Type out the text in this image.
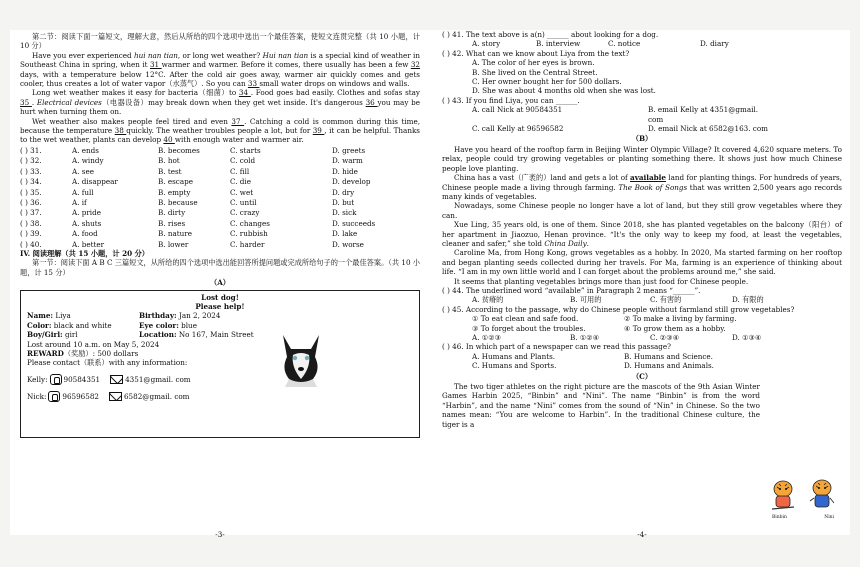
第二节：阅读下面一篇短文，理解大意，然后从所给的四个选项中选出一个最佳答案，使短文连贯完整（共 10 小题，计 10 分）

Have you ever experienced hui nan tian, or long wet weather? Hui nan tian is a special kind of weather in Southeast China in spring, when it 31 warmer and warmer. Before it comes, there usually has been a few 32 days, with a temperature below 12°C. After the cold air goes away, warmer air quickly comes and gets cooler, thus creates a lot of water vapor（水蒸气）. So you can 33 small water drops on windows and walls.

Long wet weather makes it easy for bacteria（细菌）to 34 . Food goes bad easily. Clothes and sofas stay 35 . Electrical devices（电器设备）may break down when they get wet inside. It's dangerous 36 you may be hurt when turning them on.

Wet weather also makes people feel tired and even 37 . Catching a cold is common during this time, because the temperature 38 quickly. The weather troubles people a lot, but for 39 , it can be helpful. Thanks to the wet weather, plants can develop 40 with enough water and warmer air.

( ) 31.	A. ends	B. becomes	C. starts	D. greets
( ) 32.	A. windy	B. hot	C. cold	D. warm
( ) 33.	A. see	B. test	C. fill	D. hide
( ) 34.	A. disappear	B. escape	C. die	D. develop
( ) 35.	A. full	B. empty	C. wet	D. dry
( ) 36.	A. if	B. because	C. until	D. but
( ) 37.	A. pride	B. dirty	C. crazy	D. sick
( ) 38.	A. shuts	B. rises	C. changes	D. succeeds
( ) 39.	A. food	B. nature	C. rubbish	D. lake
( ) 40.	A. better	B. lower	C. harder	D. worse

IV. 阅读理解（共 15 小题，计 20 分）

第一节：阅读下面 A B C 三篇短文，从所给的四个选项中选出能回答所提问题或完成所给句子的一个最佳答案。（共 10 小题，计 15 分）

（A）

Lost dog!

Please help!

Name: Liya	Birthday: Jan 2, 2024
Color: black and white	Eye color: blue
Boy/Girl: girl	Location: No 167, Main Street

Lost around 10 a.m. on May 5, 2024

REWARD（奖励）: 500 dollars

Please contact（联系）with any information:

Kelly: 90584351	4351@gmail. com
Nick: 96596582	6582@gmail. com
-3-

( ) 41. The text above is a(n) ______ about looking for a dog.

A. story	B. interview	C. notice	D. diary

( ) 42. What can we know about Liya from the text?

A. The color of her eyes is brown.
B. She lived on the Central Street.
C. Her owner bought her for 500 dollars.
D. She was about 4 months old when she was lost.

( ) 43. If you find Liya, you can ______.

A. call Nick at 90584351	B. email Kelly at 4351@gmail. com
C. call Kelly at 96596582	D. email Nick at 6582@163. com

（B）

Have you heard of the rooftop farm in Beijing Winter Olympic Village? It covered 4,620 square meters. To relax, people could try growing vegetables or planting something there. It shows just how much Chinese people love planting.

China has a vast（广袤的）land and gets a lot of available land for planting things. For hundreds of years, Chinese people made a living through farming. The Book of Songs that was written 2,500 years ago records many kinds of vegetables.

Nowadays, some Chinese people no longer have a lot of land, but they still grow vegetables where they can.

Xue Ling, 35 years old, is one of them. Since 2018, she has planted vegetables on the balcony（阳台）of her apartment in Jiaozuo, Henan province. “It's the only way to keep my food, at least the vegetables, cleaner and safer,” she told China Daily.

Caroline Ma, from Hong Kong, grows vegetables as a hobby. In 2020, Ma started farming on her rooftop and began planting seeds collected during her travels. For Ma, farming is an experience of thinking about life. “I am in my own little world and I can forget about the problems around me,” she said.

It seems that planting vegetables brings more than just food for Chinese people.

( ) 44. The underlined word “available” in Paragraph 2 means “______”.

A. 贫瘠的	B. 可用的	C. 有害的	D. 有限的

( ) 45. According to the passage, why do Chinese people without farmland still grow vegetables?

① To eat clean and safe food.	② To make a living by farming.
③ To forget about the troubles.	④ To grow them as a hobby.
A. ①②③	B. ①②④	C. ②③④	D. ①③④

( ) 46. In which part of a newspaper can we read this passage?

A. Humans and Plants.	B. Humans and Science.
C. Humans and Sports.	D. Humans and Animals.

（C）

The two tiger athletes on the right picture are the mascots of the 9th Asian Winter Games Harbin 2025, “Binbin” and “Nini”. The name “Binbin” is from the word “Harbin”, and the name “Nini” comes from the sound of “Nin” in Chinese. So the two names mean: “You are welcome to Harbin”. In the traditional Chinese culture, the tiger is a

Binbin	Nini
-4-
